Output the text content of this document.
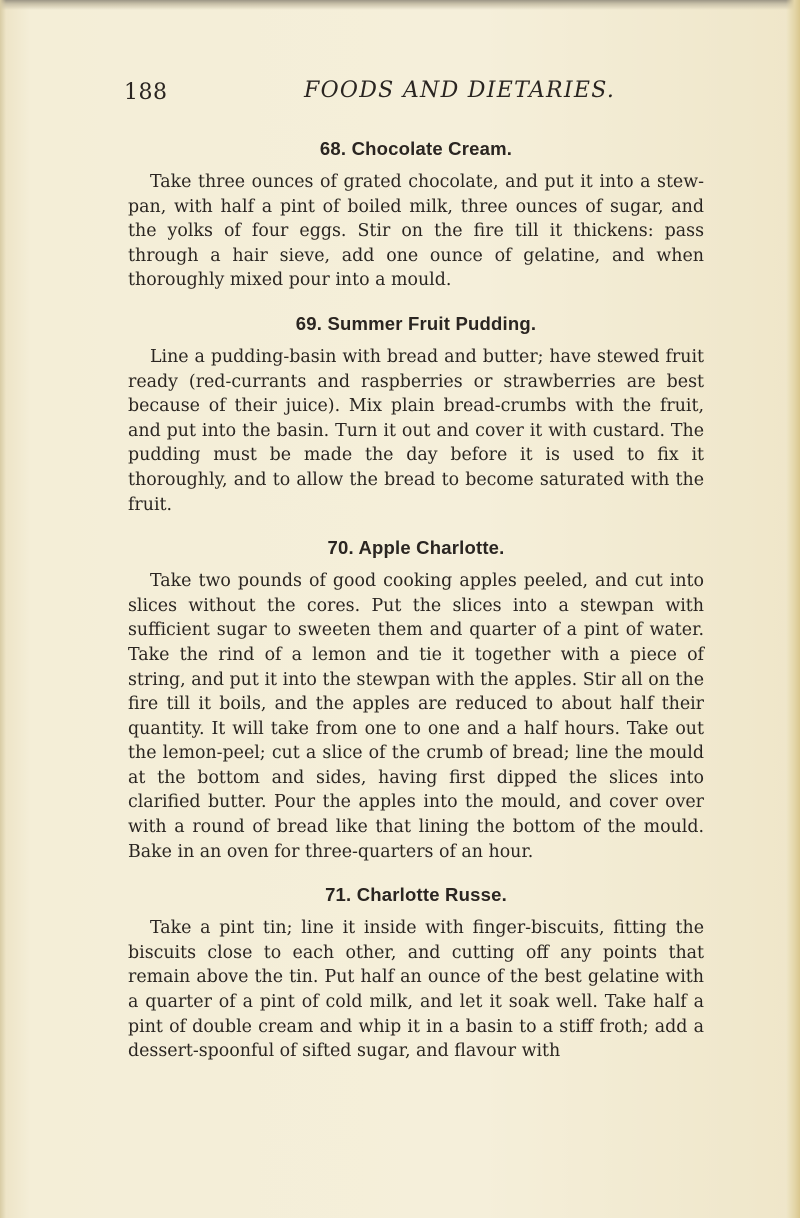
188	FOODS AND DIETARIES.
68. Chocolate Cream.

Take three ounces of grated chocolate, and put it into a stew-pan, with half a pint of boiled milk, three ounces of sugar, and the yolks of four eggs. Stir on the fire till it thickens: pass through a hair sieve, add one ounce of gelatine, and when thoroughly mixed pour into a mould.

69. Summer Fruit Pudding.

Line a pudding-basin with bread and butter; have stewed fruit ready (red-currants and raspberries or strawberries are best because of their juice). Mix plain bread-crumbs with the fruit, and put into the basin. Turn it out and cover it with custard. The pudding must be made the day before it is used to fix it thoroughly, and to allow the bread to become saturated with the fruit.

70. Apple Charlotte.

Take two pounds of good cooking apples peeled, and cut into slices without the cores. Put the slices into a stewpan with sufficient sugar to sweeten them and quarter of a pint of water. Take the rind of a lemon and tie it together with a piece of string, and put it into the stewpan with the apples. Stir all on the fire till it boils, and the apples are reduced to about half their quantity. It will take from one to one and a half hours. Take out the lemon-peel; cut a slice of the crumb of bread; line the mould at the bottom and sides, having first dipped the slices into clarified butter. Pour the apples into the mould, and cover over with a round of bread like that lining the bottom of the mould. Bake in an oven for three-quarters of an hour.

71. Charlotte Russe.

Take a pint tin; line it inside with finger-biscuits, fitting the biscuits close to each other, and cutting off any points that remain above the tin. Put half an ounce of the best gelatine with a quarter of a pint of cold milk, and let it soak well. Take half a pint of double cream and whip it in a basin to a stiff froth; add a dessert-spoonful of sifted sugar, and flavour with
